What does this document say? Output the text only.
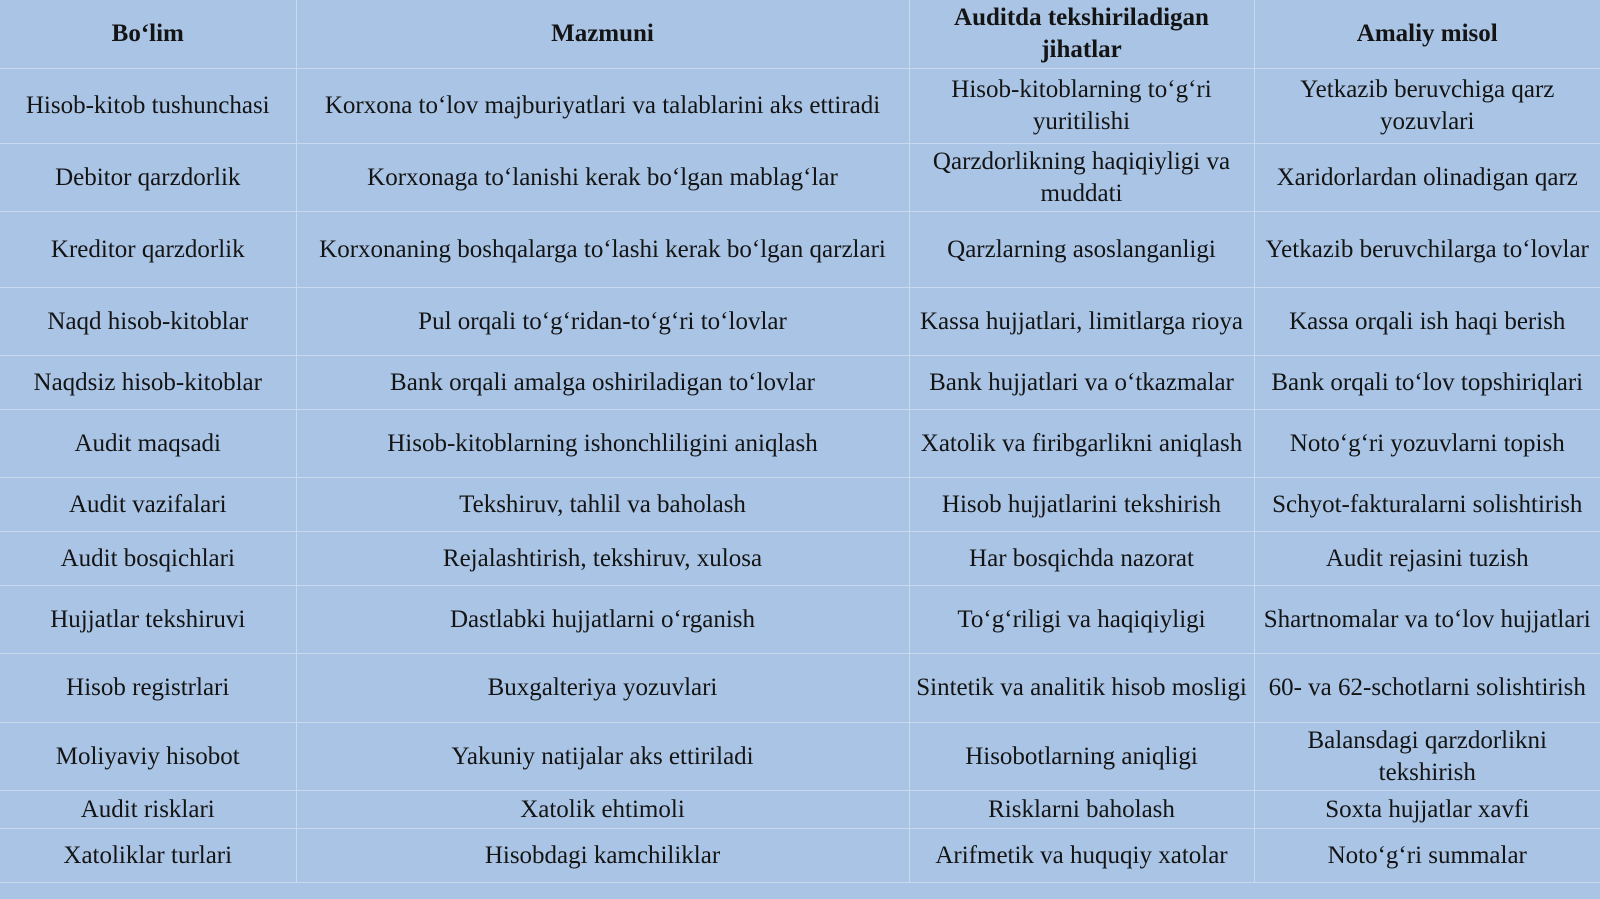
Bo‘lim	Mazmuni	Auditda tekshiriladigan jihatlar	Amaliy misol
Hisob-kitob tushunchasi	Korxona to‘lov majburiyatlari va talablarini aks ettiradi	Hisob-kitoblarning to‘g‘ri yuritilishi	Yetkazib beruvchiga qarz yozuvlari
Debitor qarzdorlik	Korxonaga to‘lanishi kerak bo‘lgan mablag‘lar	Qarzdorlikning haqiqiyligi va muddati	Xaridorlardan olinadigan qarz
Kreditor qarzdorlik	Korxonaning boshqalarga to‘lashi kerak bo‘lgan qarzlari	Qarzlarning asoslanganligi	Yetkazib beruvchilarga to‘lovlar
Naqd hisob-kitoblar	Pul orqali to‘g‘ridan-to‘g‘ri to‘lovlar	Kassa hujjatlari, limitlarga rioya	Kassa orqali ish haqi berish
Naqdsiz hisob-kitoblar	Bank orqali amalga oshiriladigan to‘lovlar	Bank hujjatlari va o‘tkazmalar	Bank orqali to‘lov topshiriqlari
Audit maqsadi	Hisob-kitoblarning ishonchliligini aniqlash	Xatolik va firibgarlikni aniqlash	Noto‘g‘ri yozuvlarni topish
Audit vazifalari	Tekshiruv, tahlil va baholash	Hisob hujjatlarini tekshirish	Schyot-fakturalarni solishtirish
Audit bosqichlari	Rejalashtirish, tekshiruv, xulosa	Har bosqichda nazorat	Audit rejasini tuzish
Hujjatlar tekshiruvi	Dastlabki hujjatlarni o‘rganish	To‘g‘riligi va haqiqiyligi	Shartnomalar va to‘lov hujjatlari
Hisob registrlari	Buxgalteriya yozuvlari	Sintetik va analitik hisob mosligi	60- va 62-schotlarni solishtirish
Moliyaviy hisobot	Yakuniy natijalar aks ettiriladi	Hisobotlarning aniqligi	Balansdagi qarzdorlikni tekshirish
Audit risklari	Xatolik ehtimoli	Risklarni baholash	Soxta hujjatlar xavfi
Xatoliklar turlari	Hisobdagi kamchiliklar	Arifmetik va huquqiy xatolar	Noto‘g‘ri summalar
